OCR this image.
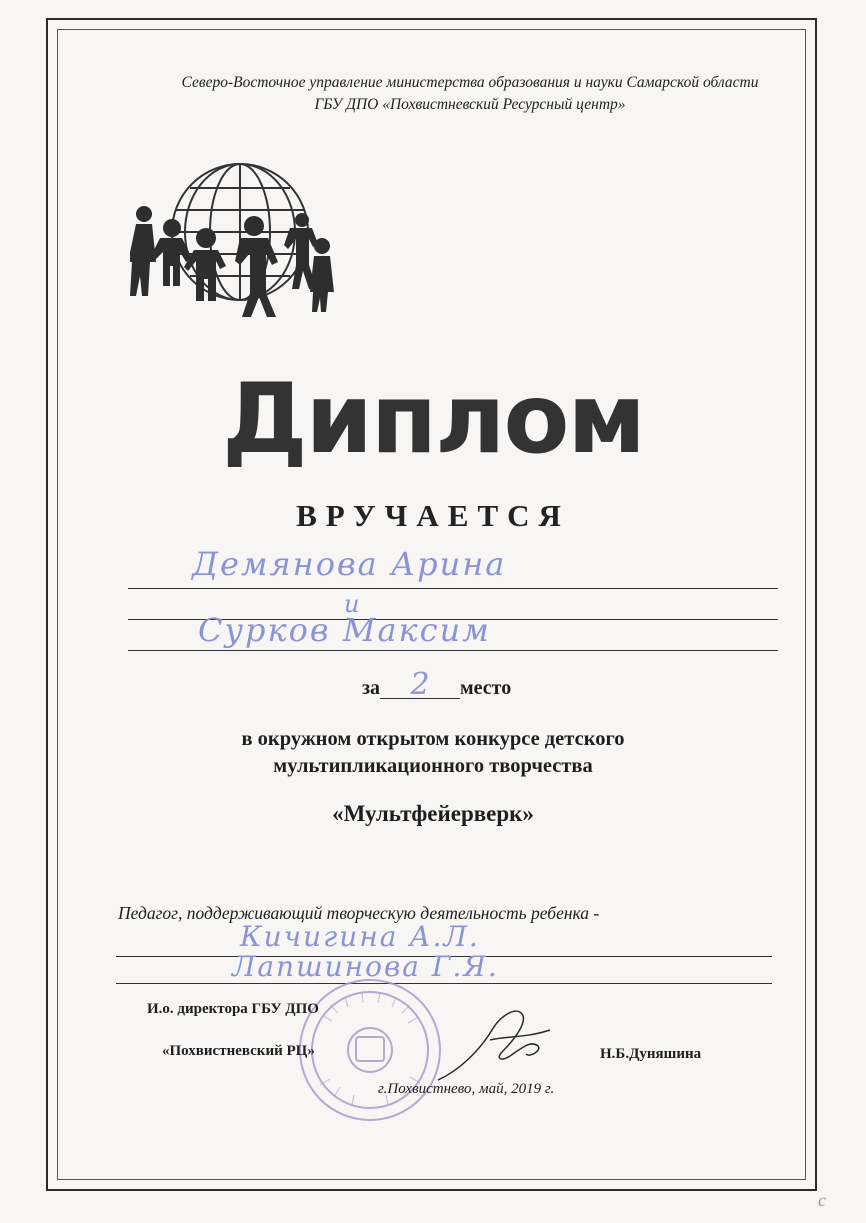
Северо-Восточное управление министерства образования и науки Самарской области
ГБУ ДПО «Похвистневский Ресурсный центр»
Диплом
ВРУЧАЕТСЯ
Демянова Арина
и
Сурков Максим
за 2 место
в окружном открытом конкурсе детского
мультипликационного творчества
«Мультфейерверк»
Педагог, поддерживающий творческую деятельность ребенка -
Кичигина А.Л.
Лапшинова Г.Я.
И.о. директора ГБУ ДПО
«Похвистневский РЦ»	Н.Б.Дуняшина
г.Похвистнево, май, 2019 г.
с
